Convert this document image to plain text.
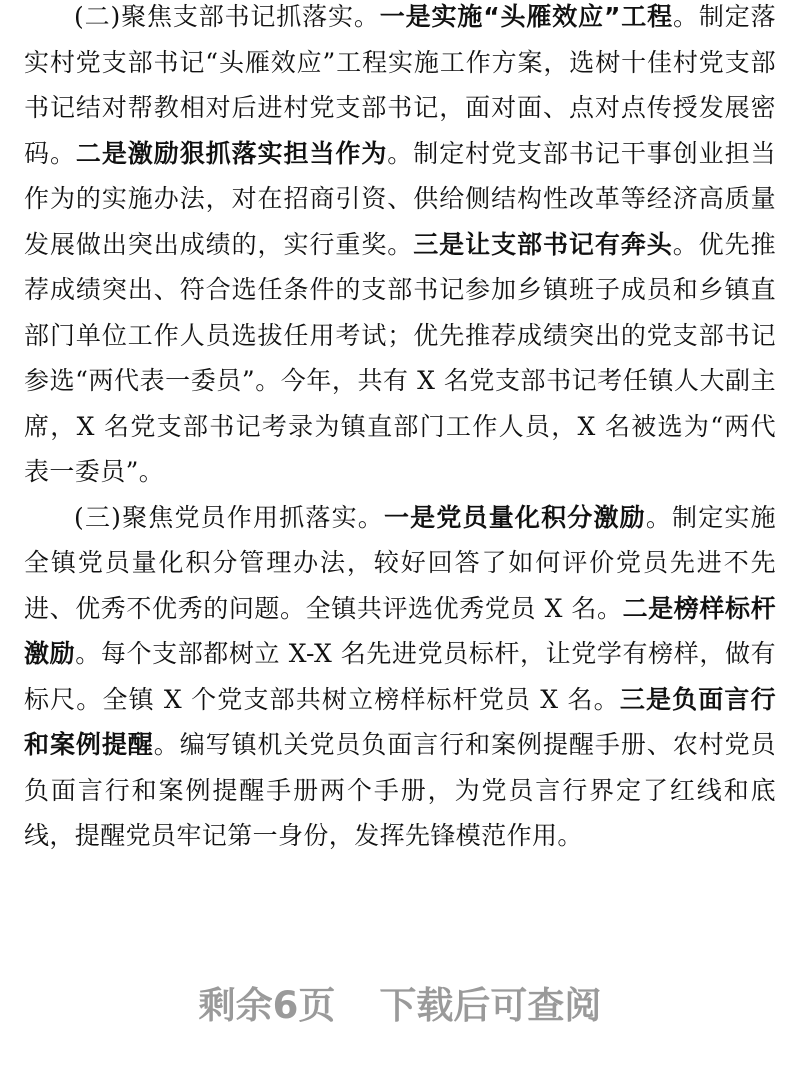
(二)聚焦支部书记抓落实。一是实施“头雁效应”工程。制定落实村党支部书记“头雁效应”工程实施工作方案，选树十佳村党支部书记结对帮教相对后进村党支部书记，面对面、点对点传授发展密码。二是激励狠抓落实担当作为。制定村党支部书记干事创业担当作为的实施办法，对在招商引资、供给侧结构性改革等经济高质量发展做出突出成绩的，实行重奖。三是让支部书记有奔头。优先推荐成绩突出、符合选任条件的支部书记参加乡镇班子成员和乡镇直部门单位工作人员选拔任用考试；优先推荐成绩突出的党支部书记参选“两代表一委员”。今年，共有 X 名党支部书记考任镇人大副主席，X 名党支部书记考录为镇直部门工作人员，X 名被选为“两代表一委员”。

(三)聚焦党员作用抓落实。一是党员量化积分激励。制定实施全镇党员量化积分管理办法，较好回答了如何评价党员先进不先进、优秀不优秀的问题。全镇共评选优秀党员 X 名。二是榜样标杆激励。每个支部都树立 X-X 名先进党员标杆，让党学有榜样，做有标尺。全镇 X 个党支部共树立榜样标杆党员 X 名。三是负面言行和案例提醒。编写镇机关党员负面言行和案例提醒手册、农村党员负面言行和案例提醒手册两个手册，为党员言行界定了红线和底线，提醒党员牢记第一身份，发挥先锋模范作用。

剩余6页 下载后可查阅
